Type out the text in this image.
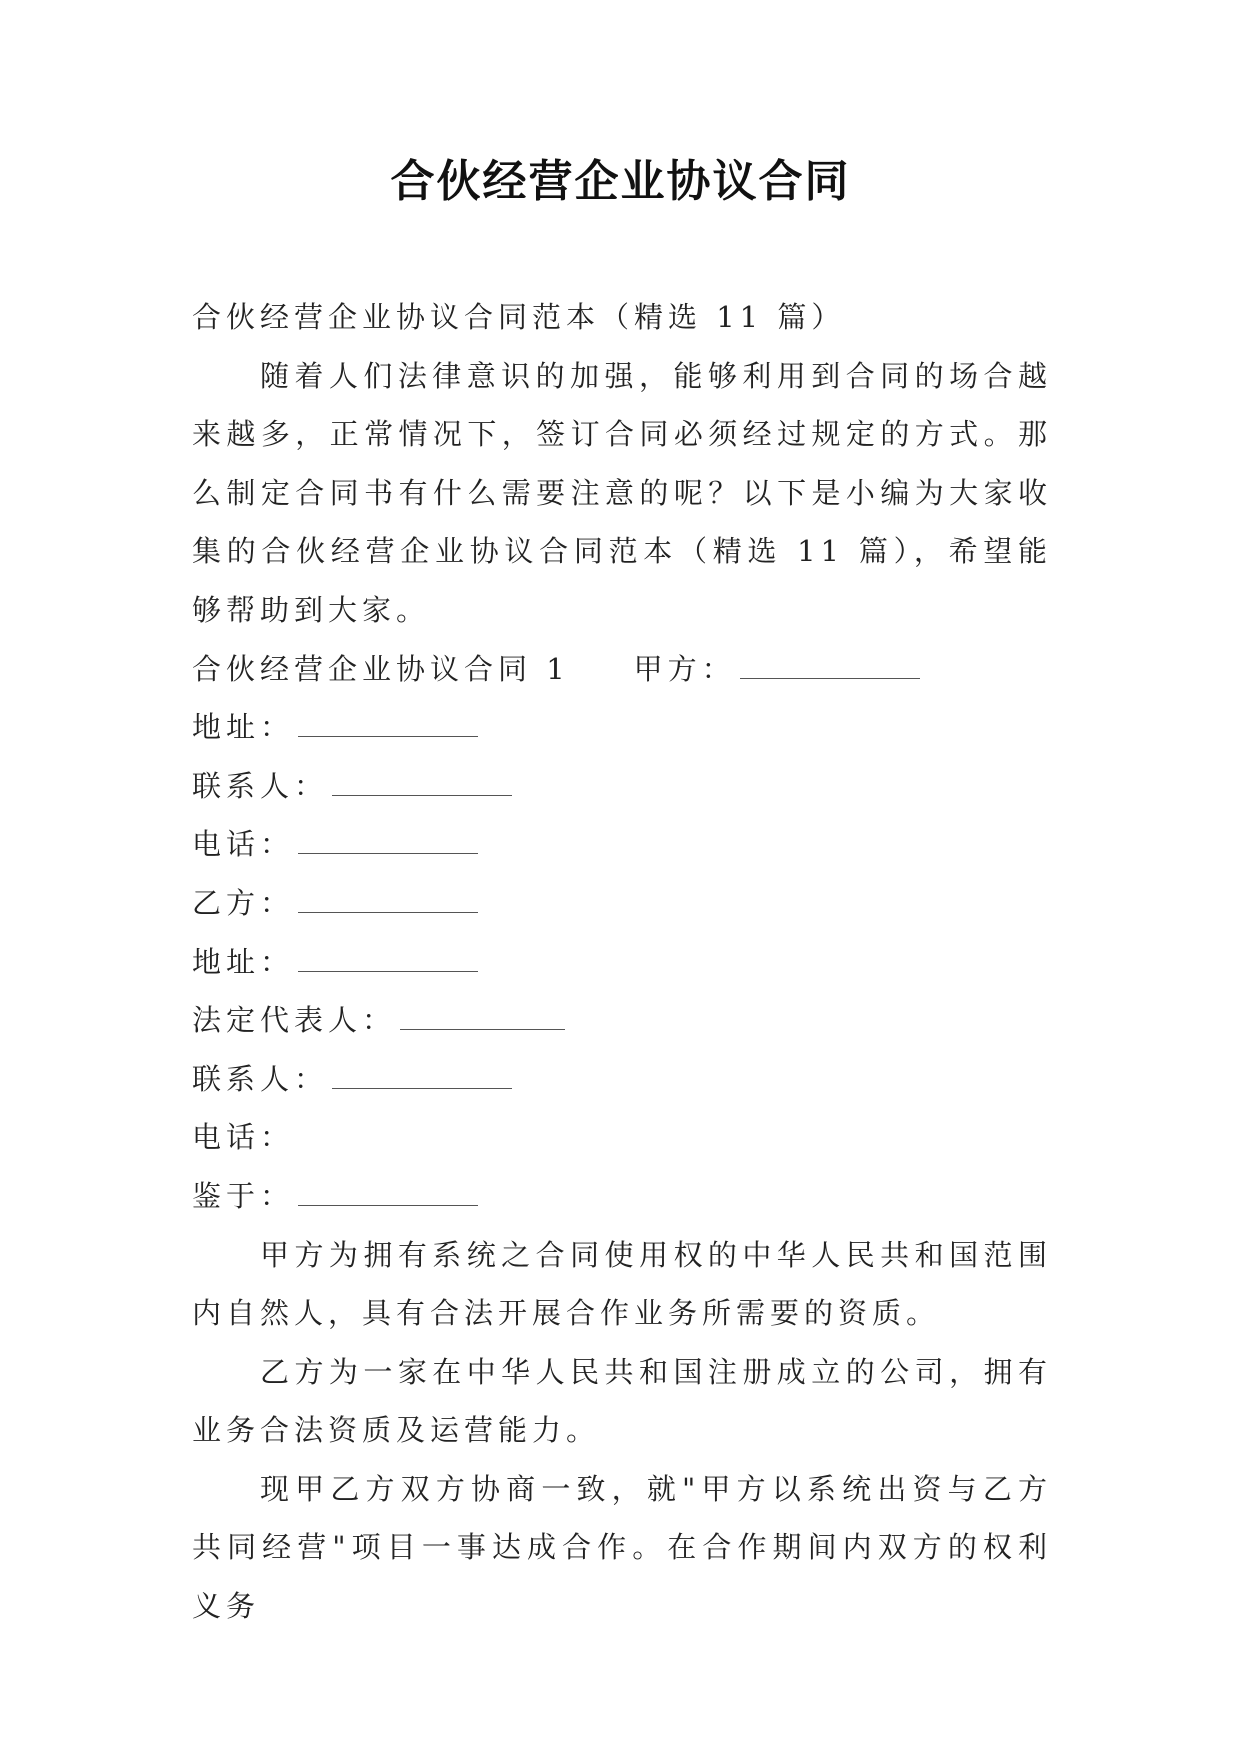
合伙经营企业协议合同

合伙经营企业协议合同范本（精选 11 篇）

随着人们法律意识的加强，能够利用到合同的场合越来越多，正常情况下，签订合同必须经过规定的方式。那么制定合同书有什么需要注意的呢？以下是小编为大家收集的合伙经营企业协议合同范本（精选 11 篇），希望能够帮助到大家。

合伙经营企业协议合同 1 甲方：

地址：

联系人：

电话：

乙方：

地址：

法定代表人：

联系人：

电话：

鉴于：

甲方为拥有系统之合同使用权的中华人民共和国范围内自然人，具有合法开展合作业务所需要的资质。

乙方为一家在中华人民共和国注册成立的公司，拥有业务合法资质及运营能力。

现甲乙方双方协商一致，就"甲方以系统出资与乙方共同经营"项目一事达成合作。在合作期间内双方的权利义务
